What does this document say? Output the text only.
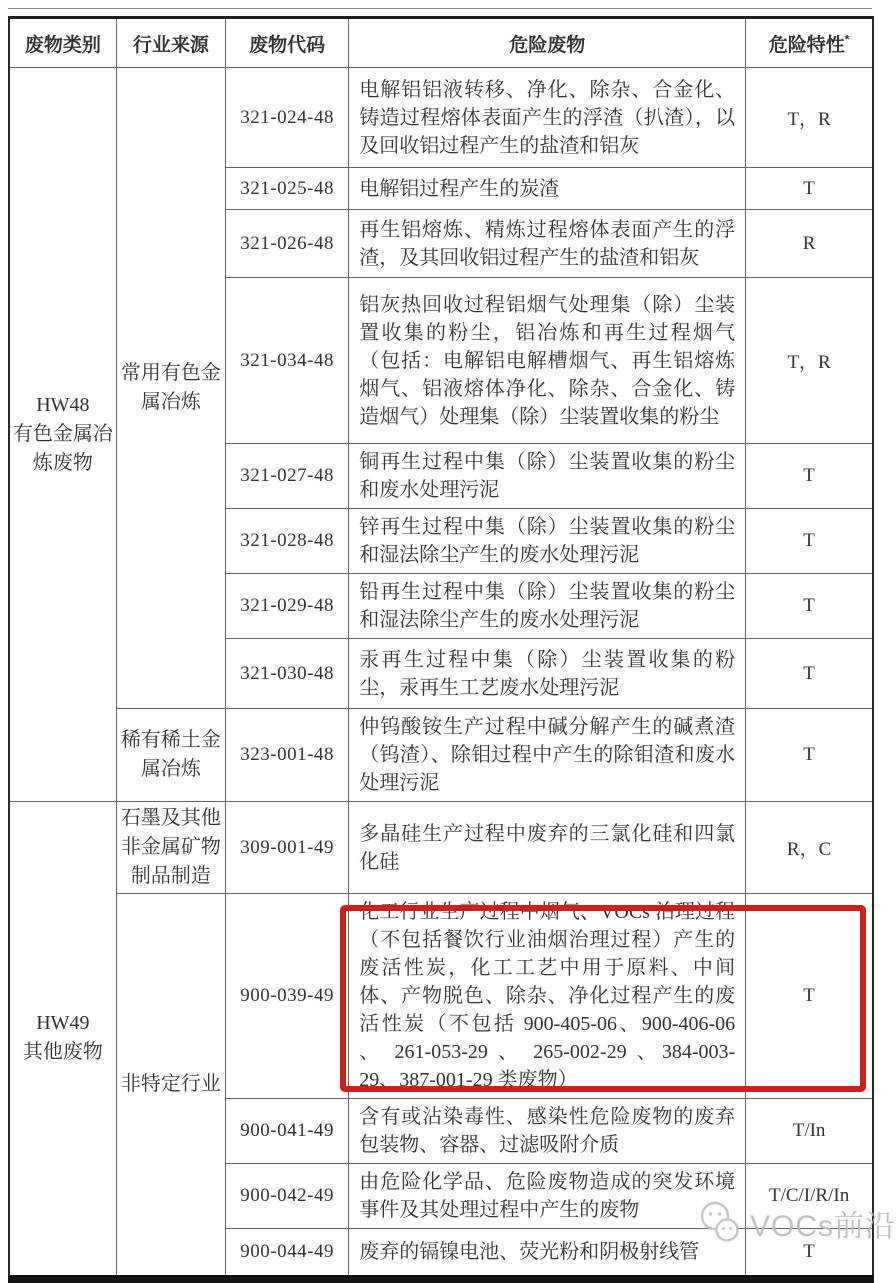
废物类别	行业来源	废物代码	危险废物	危险特性*

HW48
有色金属冶炼废物	常用有色金属冶炼	321-024-48	电解铝铝液转移、净化、除杂、合金化、铸造过程熔体表面产生的浮渣（扒渣），以及回收铝过程产生的盐渣和铝灰	T，R
		321-025-48	电解铝过程产生的炭渣	T
		321-026-48	再生铝熔炼、精炼过程熔体表面产生的浮渣，及其回收铝过程产生的盐渣和铝灰	R
		321-034-48	铝灰热回收过程铝烟气处理集（除）尘装置收集的粉尘，铝冶炼和再生过程烟气（包括：电解铝电解槽烟气、再生铝熔炼烟气、铝液熔体净化、除杂、合金化、铸造烟气）处理集（除）尘装置收集的粉尘	T，R
		321-027-48	铜再生过程中集（除）尘装置收集的粉尘和废水处理污泥	T
		321-028-48	锌再生过程中集（除）尘装置收集的粉尘和湿法除尘产生的废水处理污泥	T
		321-029-48	铅再生过程中集（除）尘装置收集的粉尘和湿法除尘产生的废水处理污泥	T
		321-030-48	汞再生过程中集（除）尘装置收集的粉尘，汞再生工艺废水处理污泥	T

	稀有稀土金属冶炼	323-001-48	仲钨酸铵生产过程中碱分解产生的碱煮渣（钨渣）、除钼过程中产生的除钼渣和废水处理污泥	T

HW49
其他废物	石墨及其他非金属矿物制品制造	309-001-49	多晶硅生产过程中废弃的三氯化硅和四氯化硅	R，C

	非特定行业	900-039-49	化工行业生产过程中烟气、VOCs 治理过程（不包括餐饮行业油烟治理过程）产生的废活性炭，化工工艺中用于原料、中间体、产物脱色、除杂、净化过程产生的废活性炭（不包括 900-405-06、900-406-06 、 261-053-29 、 265-002-29 、384-003-29、387-001-29 类废物）	T
		900-041-49	含有或沾染毒性、感染性危险废物的废弃包装物、容器、过滤吸附介质	T/In
		900-042-49	由危险化学品、危险废物造成的突发环境事件及其处理过程中产生的废物	T/C/I/R/In
		900-044-49	废弃的镉镍电池、荧光粉和阴极射线管	T
VOCs前沿
